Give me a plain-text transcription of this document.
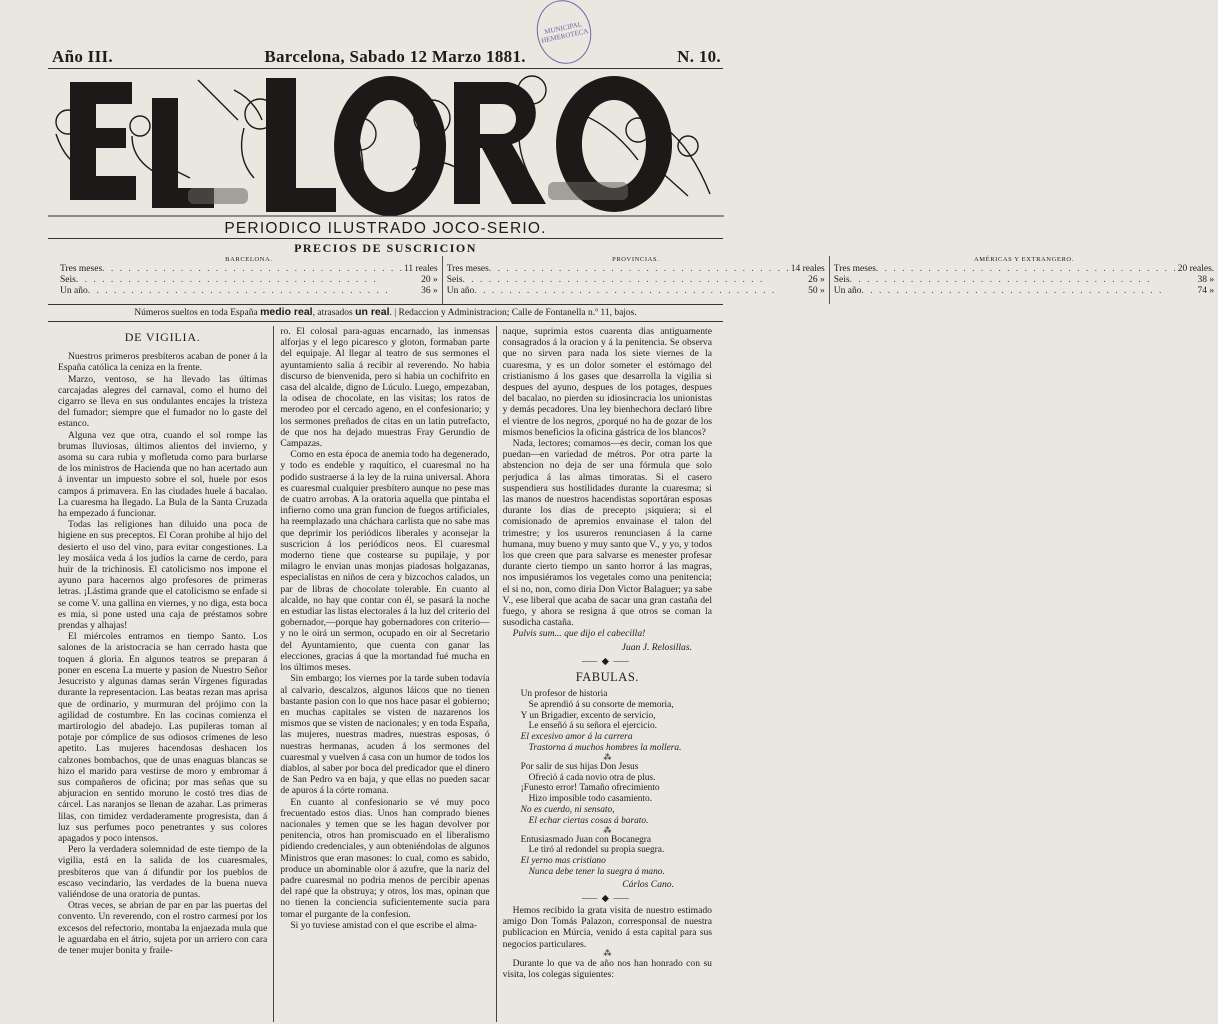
MUNICIPAL HEMEROTECA
Año III.	Barcelona, Sabado 12 Marzo 1881.	N. 10.
PERIODICO ILUSTRADO JOCO-SERIO.
PRECIOS DE SUSCRICION
BARCELONA.
Tres meses . . .	11 reales
Seis . . .	20 »
Un año . . .	36 »
PROVINCIAS.
Tres meses . . .	14 reales
Seis . . .	26 »
Un año . . .	50 »
AMÉRICAS Y EXTRANGERO.
Tres meses . . .	20 reales.
Seis . . .	38 »
Un año . . .	74 »
Números sueltos en toda España medio real, atrasados un real. | Redaccion y Administracion; Calle de Fontanella n.º 11, bajos.
DE VIGILIA.

Nuestros primeros presbíteros acaban de poner á la España católica la ceniza en la frente.

Marzo, ventoso, se ha llevado las últimas carcajadas alegres del carnaval, como el humo del cigarro se lleva en sus ondulantes encajes la tristeza del fumador; siempre que el fumador no lo gaste del estanco.

Alguna vez que otra, cuando el sol rompe las brumas lluviosas, últimos alientos del invierno, y asoma su cara rubia y mofletuda como para burlarse de los ministros de Hacienda que no han acertado aun á inventar un impuesto sobre el sol, huele por esos campos á primavera. En las ciudades huele á bacalao. La cuaresma ha llegado. La Bula de la Santa Cruzada ha empezado á funcionar.

Todas las religiones han diluido una poca de higiene en sus preceptos. El Coran prohibe al hijo del desierto el uso del vino, para evitar congestiones. La ley mosáica veda á los judíos la carne de cerdo, para huir de la trichinosis. El catolicismo nos impone el ayuno para hacernos algo profesores de primeras letras. ¡Lástima grande que el catolicismo se enfade si se come V. una gallina en viernes, y no diga, esta boca es mia, si pone usted una caja de préstamos sobre prendas y alhajas!

El miércoles entramos en tiempo Santo. Los salones de la aristocracia se han cerrado hasta que toquen á gloria. En algunos teatros se preparan á poner en escena La muerte y pasion de Nuestro Señor Jesucristo y algunas damas serán Vírgenes figuradas durante la representacion. Las beatas rezan mas aprisa que de ordinario, y murmuran del prójimo con la agilidad de costumbre. En las cocinas comienza el martirologio del abadejo. Las pupileras toman al potaje por cómplice de sus odiosos crímenes de leso apetito. Las mujeres hacendosas deshacen los calzones bombachos, que de unas enaguas blancas se hizo el marido para vestirse de moro y embromar á sus compañeros de oficina; por mas señas que su abjuracion en sentido moruno le costó tres dias de cárcel. Las naranjos se llenan de azahar. Las primeras lilas, con timidez verdaderamente progresista, dan á luz sus perfumes poco penetrantes y sus colores apagados y poco intensos.

Pero la verdadera solemnidad de este tiempo de la vigilia, está en la salida de los cuaresmales, presbíteros que van á difundir por los pueblos de escaso vecindario, las verdades de la buena nueva valiéndose de una oratoria de puntas.

Otras veces, se abrian de par en par las puertas del convento. Un reverendo, con el rostro carmesí por los excesos del refectorio, montaba la enjaezada mula que le aguardaba en el átrio, sujeta por un arriero con cara de tener mujer bonita y fraile-

ro. El colosal para-aguas encarnado, las inmensas alforjas y el lego picaresco y gloton, formaban parte del equipaje. Al llegar al teatro de sus sermones el ayuntamiento salia á recibir al reverendo. No habia discurso de bienvenida, pero si habia un cochifrito en casa del alcalde, digno de Lúculo. Luego, empezaban, la odisea de chocolate, en las visitas; los ratos de merodeo por el cercado ageno, en el confesionario; y los sermones preñados de citas en un latin putrefacto, de que nos ha dejado muestras Fray Gerundio de Campazas.

Como en esta época de anemia todo ha degenerado, y todo es endeble y raquítico, el cuaresmal no ha podido sustraerse á la ley de la ruina universal. Ahora es cuaresmal cualquier presbítero aunque no pese mas de cuatro arrobas. A la oratoria aquella que pintaba el infierno como una gran funcion de fuegos artificiales, ha reemplazado una cháchara carlista que no sabe mas que deprimir los periódicos liberales y aconsejar la suscricion á los periódicos neos. El cuaresmal moderno tiene que costearse su pupilaje, y por milagro le envian unas monjas piadosas holgazanas, especialistas en niños de cera y bizcochos calados, un par de libras de chocolate tolerable. En cuanto al alcalde, no hay que contar con él, se pasará la noche en estudiar las listas electorales á la luz del criterio del gobernador,—porque hay gobernadores con criterio—y no le oirá un sermon, ocupado en oir al Secretario del Ayuntamiento, que cuenta con ganar las elecciones, gracias á que la mortandad fué mucha en los últimos meses.

Sin embargo; los viernes por la tarde suben todavía al calvario, descalzos, algunos láicos que no tienen bastante pasion con lo que nos hace pasar el gobierno; en muchas capitales se visten de nazarenos los mismos que se visten de nacionales; y en toda España, las mujeres, nuestras madres, nuestras esposas, ó nuestras hermanas, acuden á los sermones del cuaresmal y vuelven á casa con un humor de todos los diablos, al saber por boca del predicador que el dinero de San Pedro va en baja, y que ellas no pueden sacar de apuros á la córte romana.

En cuanto al confesionario se vé muy poco frecuentado estos dias. Unos han comprado bienes nacionales y temen que se les hagan devolver por penitencia, otros han promiscuado en el liberalismo pidiendo credenciales, y aun obteniéndolas de algunos Ministros que eran masones: lo cual, como es sabido, produce un abominable olor á azufre, que la nariz del padre cuaresmal no podria menos de percibir apenas del rapé que la obstruya; y otros, los mas, opinan que no tienen la conciencia suficientemente sucia para tomar el purgante de la confesion.

Si yo tuviese amistad con el que escribe el alma-

naque, suprimia estos cuarenta dias antiguamente consagrados á la oracion y á la penitencia. Se observa que no sirven para nada los siete viernes de la cuaresma, y es un dolor someter el estómago del cristianismo á los gases que desarrolla la vigilia si despues del ayuno, despues de los potages, despues del bacalao, no pierden su idiosincracia los unionistas y demás pecadores. Una ley bienhechora declaró libre el vientre de los negros, ¿porqué no ha de gozar de los mismos beneficios la oficina gástrica de los blancos?

Nada, lectores; comamos—es decir, coman los que puedan—en variedad de métros. Por otra parte la abstencion no deja de ser una fórmula que solo perjudica á las almas timoratas. Si el casero suspendiera sus hostilidades durante la cuaresma; si las manos de nuestros hacendistas soportáran esposas durante los dias de precepto ¡siquiera; si el comisionado de apremios envainase el talon del trimestre; y los usureros renunciasen á la carne humana, muy bueno y muy santo que V., y yo, y todos los que creen que para salvarse es menester profesar durante cierto tiempo un santo horror á las magras, nos impusiéramos los vegetales como una penitencia; el si no, non, como diria Don Victor Balaguer; ya sabe V., ese liberal que acaba de sacar una gran castaña del fuego, y ahora se resigna á que otros se coman la susodicha castaña.

Pulvis sum... que dijo el cabecilla!

Juan J. Relosillas.
⸺◆⸺
FABULAS.
Un profesor de historia
Se aprendió á su consorte de memoria,
Y un Brigadier, excento de servicio,
Le enseñó á su señora el ejercicio.
El excesivo amor á la carrera
Trastorna á muchos hombres la mollera.
⁂
Por salir de sus hijas Don Jesus
Ofreció á cada novio otra de plus.
¡Funesto error! Tamaño ofrecimiento
Hizo imposible todo casamiento.
No es cuerdo, ni sensato,
El echar ciertas cosas á barato.
⁂
Entusiasmado Juan con Bocanegra
Le tiró al redondel su propia suegra.
El yerno mas cristiano
Nunca debe tener la suegra á mano.
Cárlos Cano.
⸺◆⸺

Hemos recibido la grata visita de nuestro estimado amigo Don Tomás Palazon, corresponsal de nuestra publicacion en Múrcia, venido á esta capital para sus negocios particulares.

⁂

Durante lo que va de año nos han honrado con su visita, los colegas siguientes:
